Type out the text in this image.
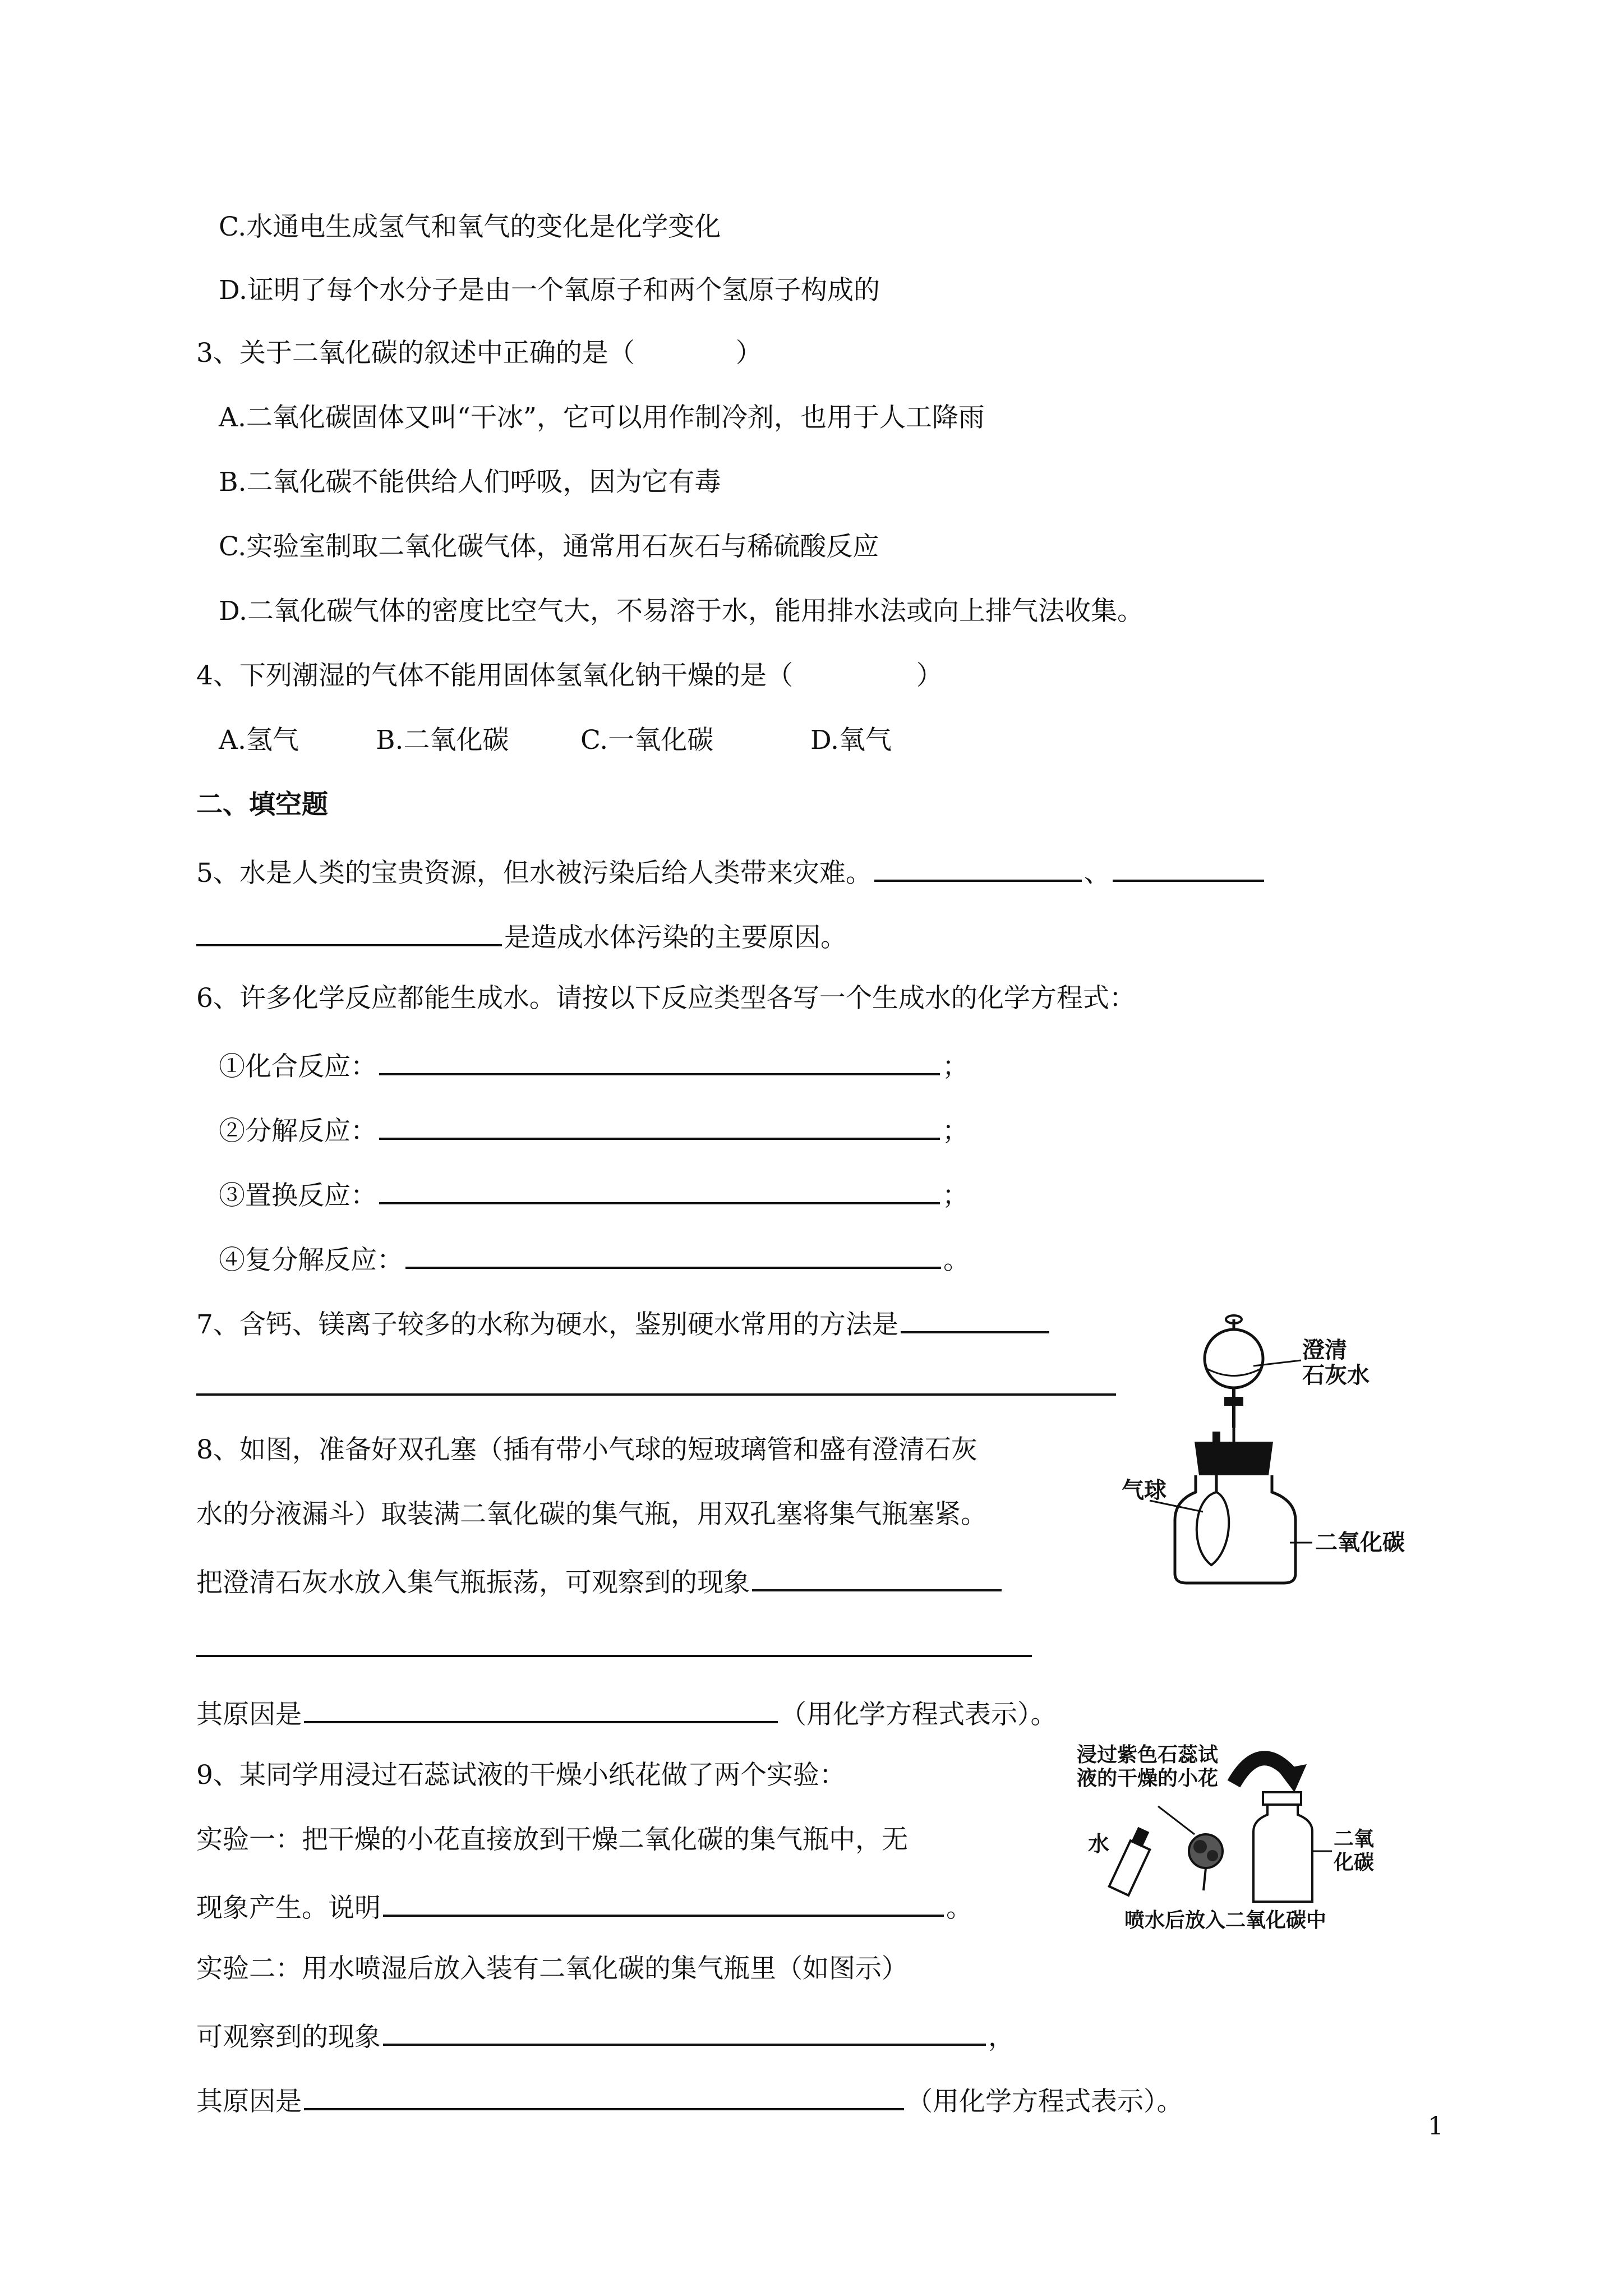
C.水通电生成氢气和氧气的变化是化学变化
D.证明了每个水分子是由一个氧原子和两个氢原子构成的
3、关于二氧化碳的叙述中正确的是（	）
A.二氧化碳固体又叫“干冰”，它可以用作制冷剂，也用于人工降雨
B.二氧化碳不能供给人们呼吸，因为它有毒
C.实验室制取二氧化碳气体，通常用石灰石与稀硫酸反应
D.二氧化碳气体的密度比空气大，不易溶于水，能用排水法或向上排气法收集。
4、下列潮湿的气体不能用固体氢氧化钠干燥的是（	）
A.氢气	B.二氧化碳	C.一氧化碳	D.氧气
二、填空题
5、水是人类的宝贵资源，但水被污染后给人类带来灾难。	、
是造成水体污染的主要原因。
6、许多化学反应都能生成水。请按以下反应类型各写一个生成水的化学方程式：
①化合反应：	；
②分解反应：	；
③置换反应：	；
④复分解反应：	。
7、含钙、镁离子较多的水称为硬水，鉴别硬水常用的方法是
8、如图，准备好双孔塞（插有带小气球的短玻璃管和盛有澄清石灰
水的分液漏斗）取装满二氧化碳的集气瓶，用双孔塞将集气瓶塞紧。
把澄清石灰水放入集气瓶振荡，可观察到的现象
其原因是	（用化学方程式表示）。
澄清
石灰水
气球
二氧化碳
9、某同学用浸过石蕊试液的干燥小纸花做了两个实验：
实验一：把干燥的小花直接放到干燥二氧化碳的集气瓶中，无
现象产生。说明	。
实验二：用水喷湿后放入装有二氧化碳的集气瓶里（如图示）
可观察到的现象	，
其原因是	（用化学方程式表示）。
浸过紫色石蕊试
液的干燥的小花
水	二氧
化碳
喷水后放入二氧化碳中
1
